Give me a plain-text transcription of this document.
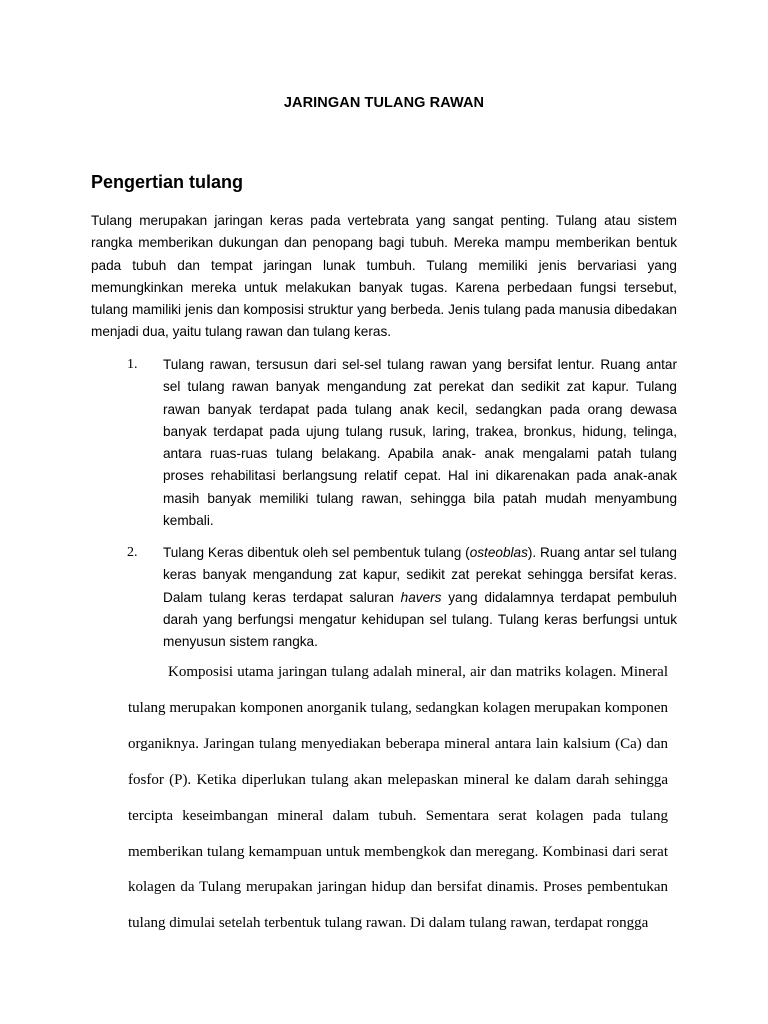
JARINGAN TULANG RAWAN
Pengertian tulang

Tulang merupakan jaringan keras pada vertebrata yang sangat penting. Tulang atau sistem rangka memberikan dukungan dan penopang bagi tubuh. Mereka mampu memberikan bentuk pada tubuh dan tempat jaringan lunak tumbuh. Tulang memiliki jenis bervariasi yang memungkinkan mereka untuk melakukan banyak tugas. Karena perbedaan fungsi tersebut, tulang mamiliki jenis dan komposisi struktur yang berbeda. Jenis tulang pada manusia dibedakan menjadi dua, yaitu tulang rawan dan tulang keras.

1. Tulang rawan, tersusun dari sel-sel tulang rawan yang bersifat lentur. Ruang antar sel tulang rawan banyak mengandung zat perekat dan sedikit zat kapur. Tulang rawan banyak terdapat pada tulang anak kecil, sedangkan pada orang dewasa banyak terdapat pada ujung tulang rusuk, laring, trakea, bronkus, hidung, telinga, antara ruas-ruas tulang belakang. Apabila anak- anak mengalami patah tulang proses rehabilitasi berlangsung relatif cepat. Hal ini dikarenakan pada anak-anak masih banyak memiliki tulang rawan, sehingga bila patah mudah menyambung kembali.

2. Tulang Keras dibentuk oleh sel pembentuk tulang (osteoblas). Ruang antar sel tulang keras banyak mengandung zat kapur, sedikit zat perekat sehingga bersifat keras. Dalam tulang keras terdapat saluran havers yang didalamnya terdapat pembuluh darah yang berfungsi mengatur kehidupan sel tulang. Tulang keras berfungsi untuk menyusun sistem rangka.

Komposisi utama jaringan tulang adalah mineral, air dan matriks kolagen. Mineral tulang merupakan komponen anorganik tulang, sedangkan kolagen merupakan komponen organiknya. Jaringan tulang menyediakan beberapa mineral antara lain kalsium (Ca) dan fosfor (P). Ketika diperlukan tulang akan melepaskan mineral ke dalam darah sehingga tercipta keseimbangan mineral dalam tubuh. Sementara serat kolagen pada tulang memberikan tulang kemampuan untuk membengkok dan meregang. Kombinasi dari serat kolagen da Tulang merupakan jaringan hidup dan bersifat dinamis. Proses pembentukan tulang dimulai setelah terbentuk tulang rawan. Di dalam tulang rawan, terdapat rongga
